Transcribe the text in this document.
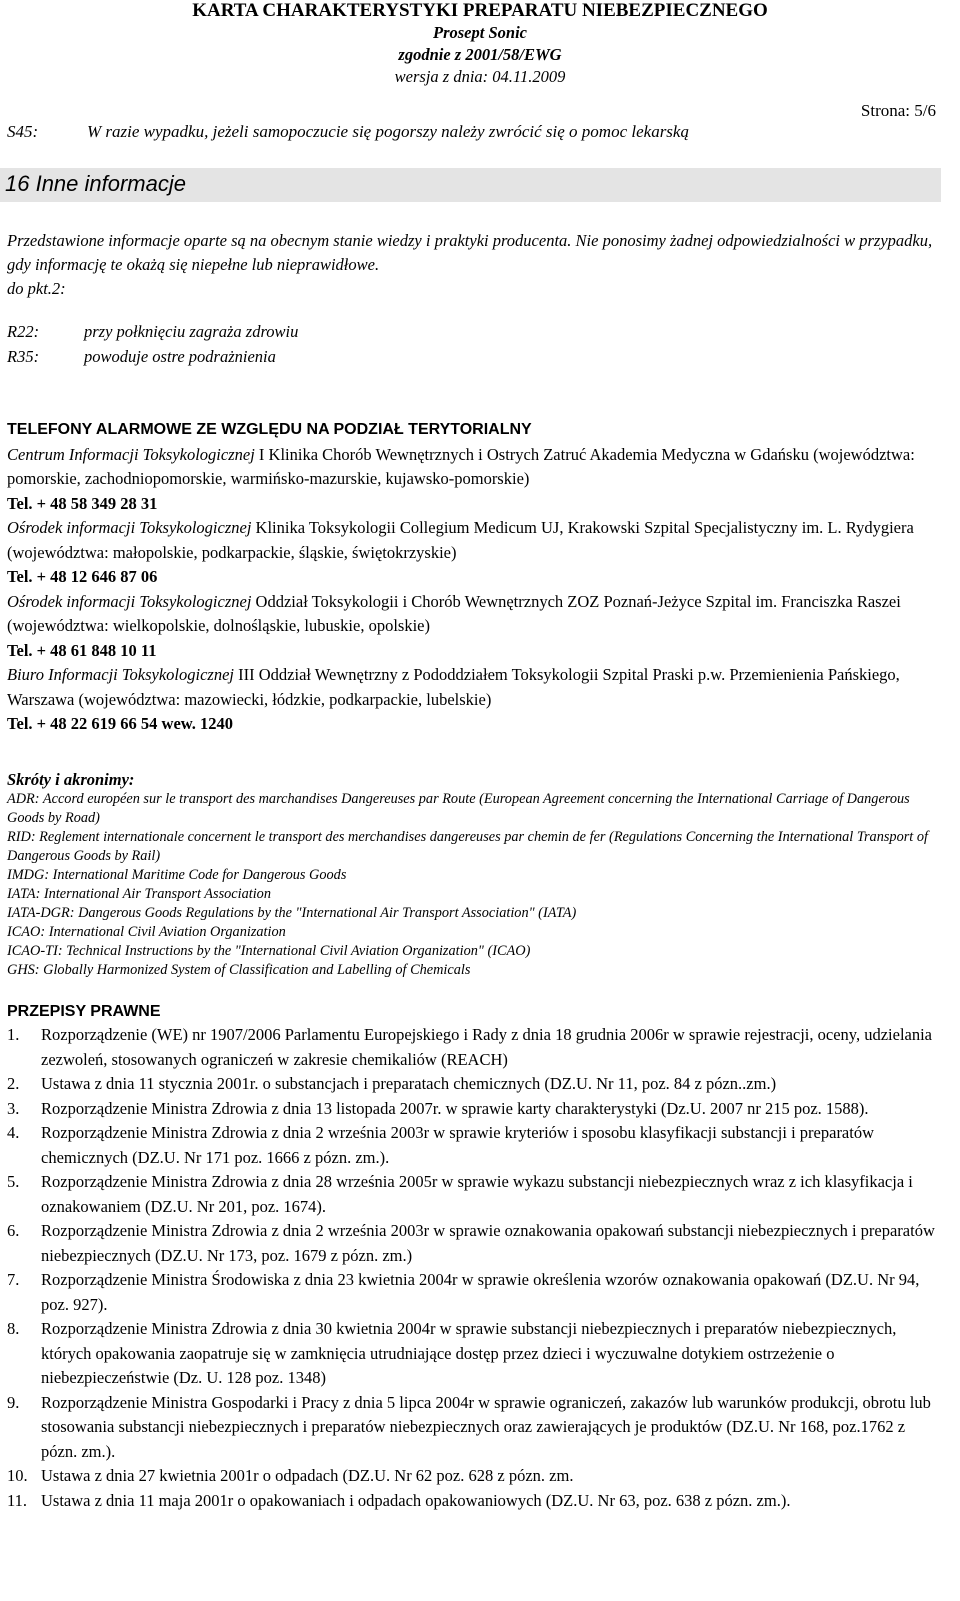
KARTA CHARAKTERYSTYKI PREPARATU NIEBEZPIECZNEGO
Prosept Sonic
zgodnie z 2001/58/EWG
wersja z dnia: 04.11.2009
Strona: 5/6
S45:	W razie wypadku, jeżeli samopoczucie się pogorszy należy zwrócić się o pomoc lekarską
16 Inne informacje
Przedstawione informacje oparte są na obecnym stanie wiedzy i praktyki producenta. Nie ponosimy żadnej odpowiedzialności w przypadku, gdy informację te okażą się niepełne lub nieprawidłowe.
do pkt.2:
R22:	przy połknięciu zagraża zdrowiu
R35:	powoduje ostre podrażnienia
TELEFONY ALARMOWE ZE WZGLĘDU NA PODZIAŁ TERYTORIALNY

Centrum Informacji Toksykologicznej I Klinika Chorób Wewnętrznych i Ostrych Zatruć Akademia Medyczna w Gdańsku (województwa: pomorskie, zachodniopomorskie, warmińsko-mazurskie, kujawsko-pomorskie)

Tel. + 48 58 349 28 31

Ośrodek informacji Toksykologicznej Klinika Toksykologii Collegium Medicum UJ, Krakowski Szpital Specjalistyczny im. L. Rydygiera (województwa: małopolskie, podkarpackie, śląskie, świętokrzyskie)

Tel. + 48 12 646 87 06

Ośrodek informacji Toksykologicznej Oddział Toksykologii i Chorób Wewnętrznych ZOZ Poznań-Jeżyce Szpital im. Franciszka Raszei (województwa: wielkopolskie, dolnośląskie, lubuskie, opolskie)

Tel. + 48 61 848 10 11

Biuro Informacji Toksykologicznej III Oddział Wewnętrzny z Pododdziałem Toksykologii Szpital Praski p.w. Przemienienia Pańskiego, Warszawa (województwa: mazowiecki, łódzkie, podkarpackie, lubelskie)

Tel. + 48 22 619 66 54 wew. 1240

Skróty i akronimy:
ADR: Accord européen sur le transport des marchandises Dangereuses par Route (European Agreement concerning the International Carriage of Dangerous Goods by Road)
RID: Reglement internationale concernent le transport des merchandises dangereuses par chemin de fer (Regulations Concerning the International Transport of Dangerous Goods by Rail)
IMDG: International Maritime Code for Dangerous Goods
IATA: International Air Transport Association
IATA-DGR: Dangerous Goods Regulations by the "International Air Transport Association" (IATA)
ICAO: International Civil Aviation Organization
ICAO-TI: Technical Instructions by the "International Civil Aviation Organization" (ICAO)
GHS: Globally Harmonized System of Classification and Labelling of Chemicals
PRZEPISY PRAWNE
1.	Rozporządzenie (WE) nr 1907/2006 Parlamentu Europejskiego i Rady z dnia 18 grudnia 2006r w sprawie rejestracji, oceny, udzielania zezwoleń, stosowanych ograniczeń w zakresie chemikaliów (REACH)
2.	Ustawa z dnia 11 stycznia 2001r. o substancjach i preparatach chemicznych (DZ.U. Nr 11, poz. 84 z pózn..zm.)
3.	Rozporządzenie Ministra Zdrowia z dnia 13 listopada 2007r. w sprawie karty charakterystyki (Dz.U. 2007 nr 215 poz. 1588).
4.	Rozporządzenie Ministra Zdrowia z dnia 2 września 2003r w sprawie kryteriów i sposobu klasyfikacji substancji i preparatów chemicznych (DZ.U. Nr 171 poz. 1666 z pózn. zm.).
5.	Rozporządzenie Ministra Zdrowia z dnia 28 września 2005r w sprawie wykazu substancji niebezpiecznych wraz z ich klasyfikacja i oznakowaniem (DZ.U. Nr 201, poz. 1674).
6.	Rozporządzenie Ministra Zdrowia z dnia 2 września 2003r w sprawie oznakowania opakowań substancji niebezpiecznych i preparatów niebezpiecznych (DZ.U. Nr 173, poz. 1679 z pózn. zm.)
7.	Rozporządzenie Ministra Środowiska z dnia 23 kwietnia 2004r w sprawie określenia wzorów oznakowania opakowań (DZ.U. Nr 94, poz. 927).
8.	Rozporządzenie Ministra Zdrowia z dnia 30 kwietnia 2004r w sprawie substancji niebezpiecznych i preparatów niebezpiecznych, których opakowania zaopatruje się w zamknięcia utrudniające dostęp przez dzieci i wyczuwalne dotykiem ostrzeżenie o niebezpieczeństwie (Dz. U. 128 poz. 1348)
9.	Rozporządzenie Ministra Gospodarki i Pracy z dnia 5 lipca 2004r w sprawie ograniczeń, zakazów lub warunków produkcji, obrotu lub stosowania substancji niebezpiecznych i preparatów niebezpiecznych oraz zawierających je produktów (DZ.U. Nr 168, poz.1762 z pózn. zm.).
10. Ustawa z dnia 27 kwietnia 2001r o odpadach (DZ.U. Nr 62 poz. 628 z pózn. zm.
11. Ustawa z dnia 11 maja 2001r o opakowaniach i odpadach opakowaniowych (DZ.U. Nr 63, poz. 638 z pózn. zm.).
